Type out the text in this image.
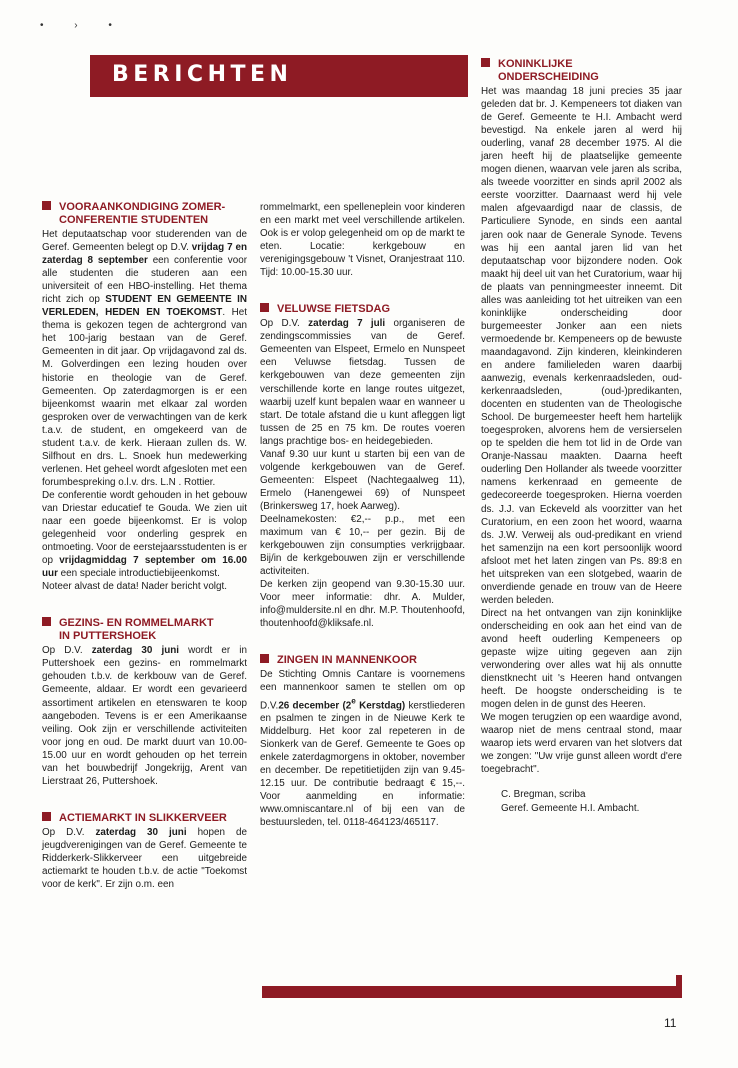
• › •
BERICHTEN
VOORAANKONDIGING ZOMER-
CONFERENTIE STUDENTEN

Het deputaatschap voor studerenden van de Geref. Gemeenten belegt op D.V. vrijdag 7 en zaterdag 8 september een conferentie voor alle studenten die studeren aan een universiteit of een HBO-instelling. Het thema richt zich op STUDENT EN GEMEENTE IN VERLEDEN, HEDEN EN TOEKOMST. Het thema is gekozen tegen de achtergrond van het 100-jarig bestaan van de Geref. Gemeenten in dit jaar. Op vrijdagavond zal ds. M. Golverdingen een lezing houden over historie en theologie van de Geref. Gemeenten. Op zaterdagmorgen is er een bijeenkomst waarin met elkaar zal worden gesproken over de verwachtingen van de kerk t.a.v. de student, en omgekeerd van de student t.a.v. de kerk. Hieraan zullen ds. W. Silfhout en drs. L. Snoek hun medewerking verlenen. Het geheel wordt afgesloten met een forumbespreking o.l.v. drs. L.N . Rottier.

De conferentie wordt gehouden in het gebouw van Driestar educatief te Gouda. We zien uit naar een goede bijeenkomst. Er is volop gelegenheid voor onderling gesprek en ontmoeting. Voor de eerstejaarsstudenten is er op vrijdagmiddag 7 september om 16.00 uur een speciale introductiebijeenkomst.

Noteer alvast de data! Nader bericht volgt.

GEZINS- EN ROMMELMARKT
IN PUTTERSHOEK

Op D.V. zaterdag 30 juni wordt er in Puttershoek een gezins- en rommelmarkt gehouden t.b.v. de kerkbouw van de Geref. Gemeente, aldaar. Er wordt een gevarieerd assortiment artikelen en etenswaren te koop aangeboden. Tevens is er een Amerikaanse veiling. Ook zijn er verschillende activiteiten voor jong en oud. De markt duurt van 10.00-15.00 uur en wordt gehouden op het terrein van het bouwbedrijf Jongekrijg, Arent van Lierstraat 26, Puttershoek.

ACTIEMARKT IN SLIKKERVEER

Op D.V. zaterdag 30 juni hopen de jeugdverenigingen van de Geref. Gemeente te Ridderkerk-Slikkerveer een uitgebreide actiemarkt te houden t.b.v. de actie "Toekomst voor de kerk". Er zijn o.m. een

rommelmarkt, een spelleneplein voor kinderen en een markt met veel verschillende artikelen. Ook is er volop gelegenheid om op de markt te eten. Locatie: kerkgebouw en verenigingsgebouw 't Visnet, Oranjestraat 110. Tijd: 10.00-15.30 uur.

VELUWSE FIETSDAG

Op D.V. zaterdag 7 juli organiseren de zendingscommissies van de Geref. Gemeenten van Elspeet, Ermelo en Nunspeet een Veluwse fietsdag. Tussen de kerkgebouwen van deze gemeenten zijn verschillende korte en lange routes uitgezet, waarbij uzelf kunt bepalen waar en wanneer u start. De totale afstand die u kunt afleggen ligt tussen de 25 en 75 km. De routes voeren langs prachtige bos- en heidegebieden.

Vanaf 9.30 uur kunt u starten bij een van de volgende kerkgebouwen van de Geref. Gemeenten: Elspeet (Nachtegaalweg 11), Ermelo (Hanengewei 69) of Nunspeet (Brinkersweg 17, hoek Aarweg).

Deelnamekosten: €2,-- p.p., met een maximum van € 10,-- per gezin. Bij de kerkgebouwen zijn consumpties verkrijgbaar. Bij/in de kerkgebouwen zijn er verschillende activiteiten.

De kerken zijn geopend van 9.30-15.30 uur. Voor meer informatie: dhr. A. Mulder, info@muldersite.nl en dhr. M.P. Thoutenhoofd, thoutenhoofd@kliksafe.nl.

ZINGEN IN MANNENKOOR

De Stichting Omnis Cantare is voornemens een mannenkoor samen te stellen om op D.V.26 december (2e Kerstdag) kerstliederen en psalmen te zingen in de Nieuwe Kerk te Middelburg. Het koor zal repeteren in de Sionkerk van de Geref. Gemeente te Goes op enkele zaterdagmorgens in oktober, november en december. De repetitietijden zijn van 9.45-12.15 uur. De contributie bedraagt € 15,--. Voor aanmelding en informatie: www.omniscantare.nl of bij een van de bestuursleden, tel. 0118-464123/465117.

KONINKLIJKE
ONDERSCHEIDING

Het was maandag 18 juni precies 35 jaar geleden dat br. J. Kempeneers tot diaken van de Geref. Gemeente te H.I. Ambacht werd bevestigd. Na enkele jaren al werd hij ouderling, vanaf 28 december 1975. Al die jaren heeft hij de plaatselijke gemeente mogen dienen, waarvan vele jaren als scriba, als tweede voorzitter en sinds april 2002 als eerste voorzitter. Daarnaast werd hij vele malen afgevaardigd naar de classis, de Particuliere Synode, en sinds een aantal jaren ook naar de Generale Synode. Tevens was hij een aantal jaren lid van het deputaatschap voor bijzondere noden. Ook maakt hij deel uit van het Curatorium, waar hij de plaats van penningmeester inneemt. Dit alles was aanleiding tot het uitreiken van een koninklijke onderscheiding door burgemeester Jonker aan een niets vermoedende br. Kempeneers op de bewuste maandagavond. Zijn kinderen, kleinkinderen en andere familieleden waren daarbij aanwezig, evenals kerkenraadsleden, oud-kerkenraadsleden, (oud-)predikanten, docenten en studenten van de Theologische School. De burgemeester heeft hem hartelijk toegesproken, alvorens hem de versierselen op te spelden die hem tot lid in de Orde van Oranje-Nassau maakten. Daarna heeft ouderling Den Hollander als tweede voorzitter namens kerkenraad en gemeente de gedecoreerde toegesproken. Hierna voerden ds. J.J. van Eckeveld als voorzitter van het Curatorium, en een zoon het woord, waarna ds. J.W. Verweij als oud-predikant en vriend het samenzijn na een kort persoonlijk woord afsloot met het laten zingen van Ps. 89:8 en het uitspreken van een slotgebed, waarin de onverdiende genade en trouw van de Heere werden beleden.

Direct na het ontvangen van zijn koninklijke onderscheiding en ook aan het eind van de avond heeft ouderling Kempeneers op gepaste wijze uiting gegeven aan zijn verwondering over alles wat hij als onnutte dienstknecht uit 's Heeren hand ontvangen heeft. De hoogste onderscheiding is te mogen delen in de gunst des Heeren.

We mogen terugzien op een waardige avond, waarop niet de mens centraal stond, maar waarop iets werd ervaren van het slotvers dat we zongen: "Uw vrije gunst alleen wordt d'ere toegebracht".

C. Bregman, scriba

Geref. Gemeente H.I. Ambacht.

11
